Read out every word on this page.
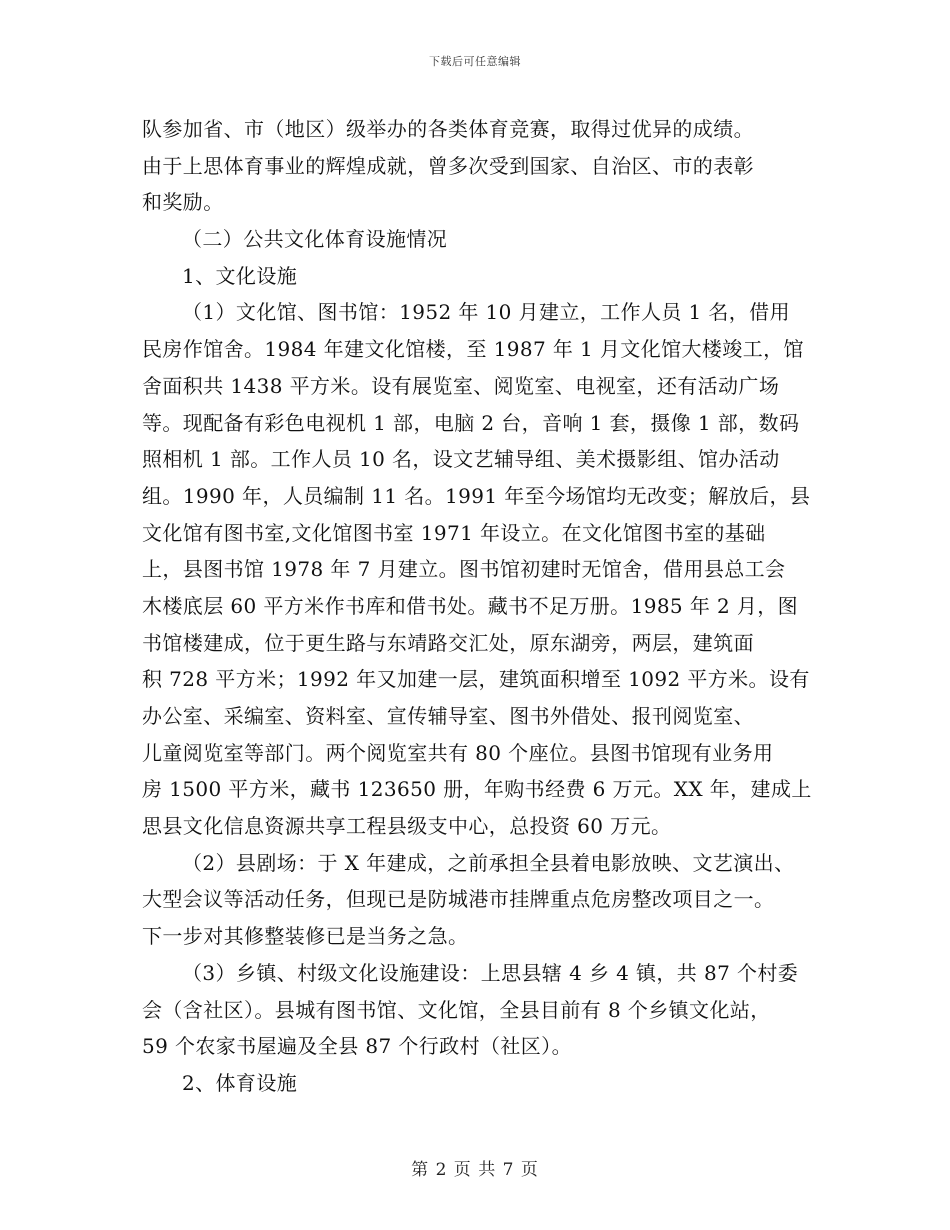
下载后可任意编辑
队参加省、市（地区）级举办的各类体育竞赛，取得过优异的成绩。
由于上思体育事业的辉煌成就，曾多次受到国家、自治区、市的表彰
和奖励。
（二）公共文化体育设施情况
1、文化设施
（1）文化馆、图书馆：1952 年 10 月建立，工作人员 1 名，借用
民房作馆舍。1984 年建文化馆楼，至 1987 年 1 月文化馆大楼竣工，馆
舍面积共 1438 平方米。设有展览室、阅览室、电视室，还有活动广场
等。现配备有彩色电视机 1 部，电脑 2 台，音响 1 套，摄像 1 部，数码
照相机 1 部。工作人员 10 名，设文艺辅导组、美术摄影组、馆办活动
组。1990 年，人员编制 11 名。1991 年至今场馆均无改变；解放后，县
文化馆有图书室,文化馆图书室 1971 年设立。在文化馆图书室的基础
上，县图书馆 1978 年 7 月建立。图书馆初建时无馆舍，借用县总工会
木楼底层 60 平方米作书库和借书处。藏书不足万册。1985 年 2 月，图
书馆楼建成，位于更生路与东靖路交汇处，原东湖旁，两层，建筑面
积 728 平方米；1992 年又加建一层，建筑面积增至 1092 平方米。设有
办公室、采编室、资料室、宣传辅导室、图书外借处、报刊阅览室、
儿童阅览室等部门。两个阅览室共有 80 个座位。县图书馆现有业务用
房 1500 平方米，藏书 123650 册，年购书经费 6 万元。XX 年，建成上
思县文化信息资源共享工程县级支中心，总投资 60 万元。
（2）县剧场：于 X 年建成，之前承担全县着电影放映、文艺演出、
大型会议等活动任务，但现已是防城港市挂牌重点危房整改项目之一。
下一步对其修整装修已是当务之急。
（3）乡镇、村级文化设施建设：上思县辖 4 乡 4 镇，共 87 个村委
会（含社区）。县城有图书馆、文化馆，全县目前有 8 个乡镇文化站，
59 个农家书屋遍及全县 87 个行政村（社区）。
2、体育设施
第 2 页 共 7 页
